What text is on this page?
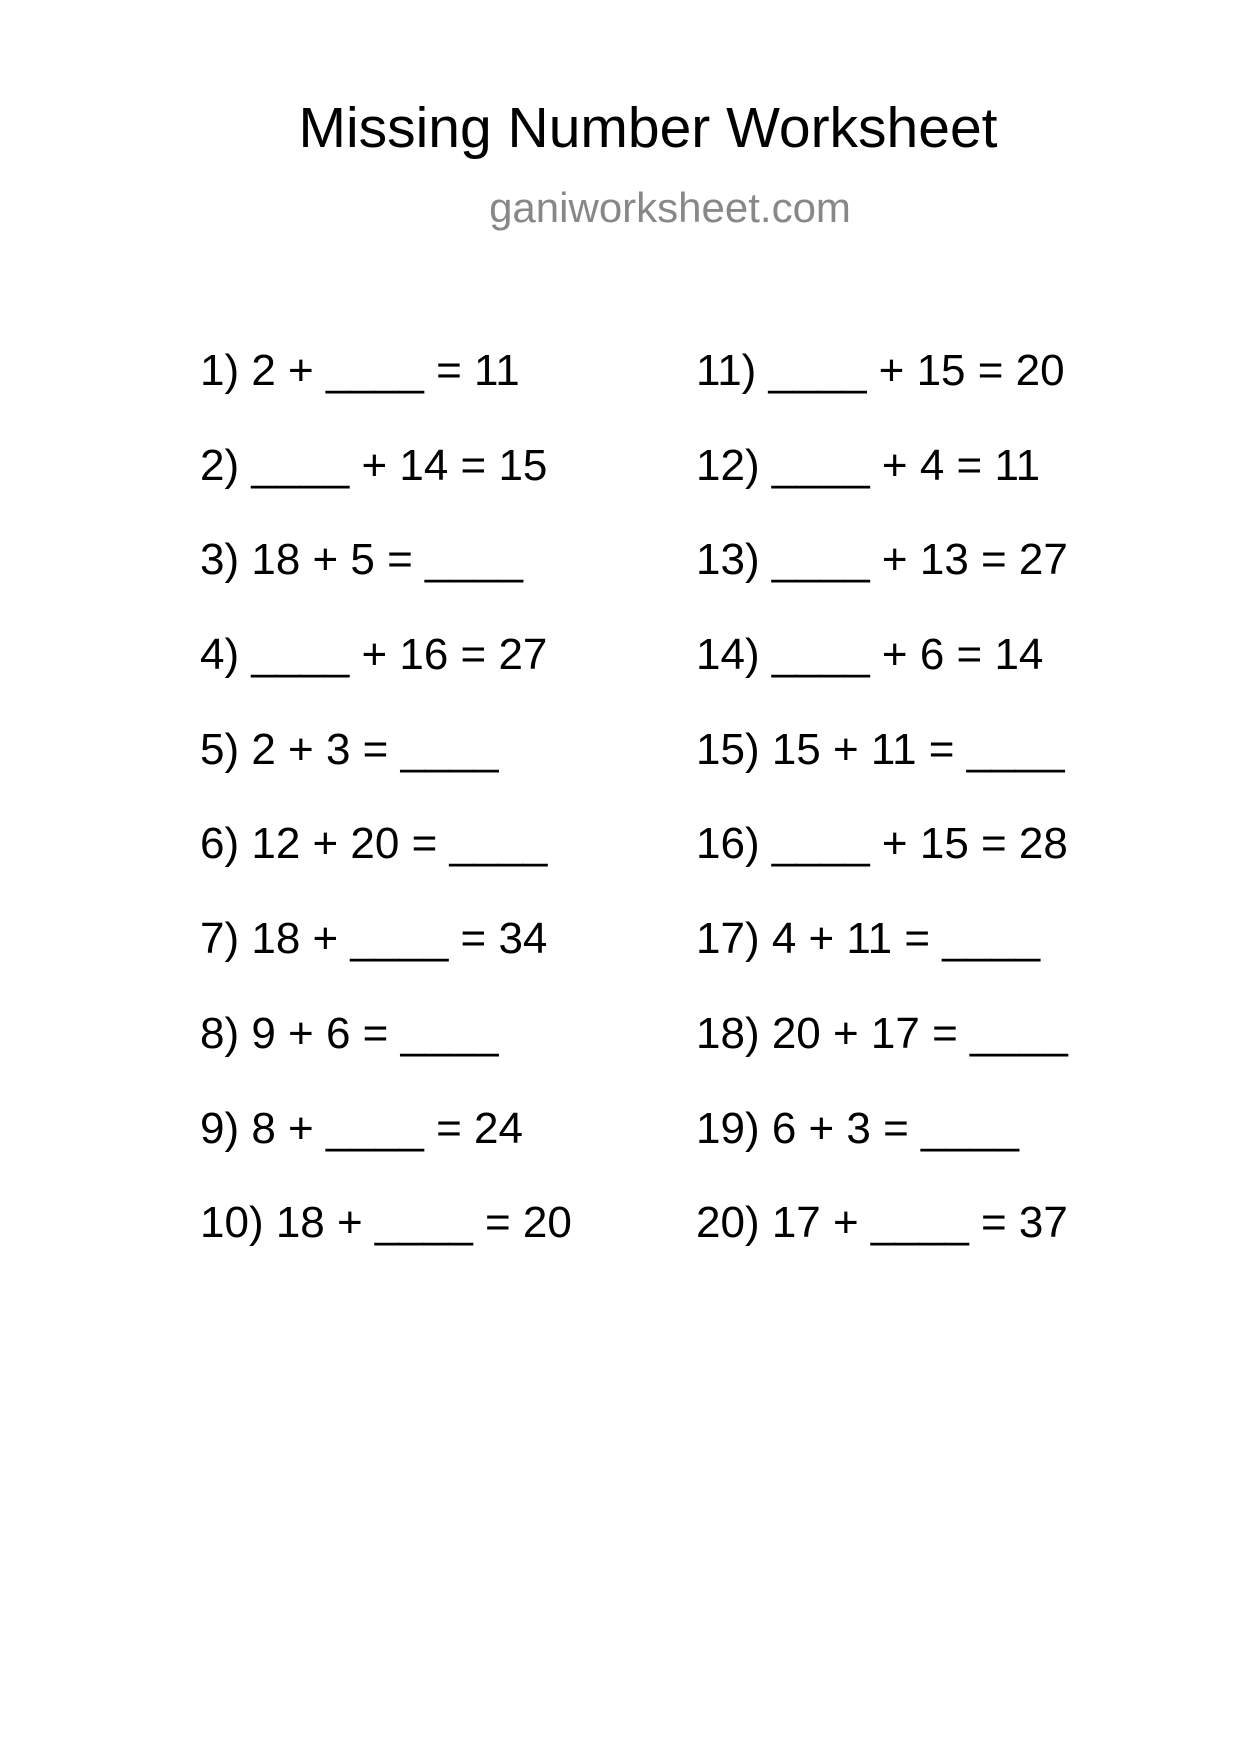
Missing Number Worksheet
ganiworksheet.com
1) 2 + ____ = 11
2) ____ + 14 = 15
3) 18 + 5 = ____
4) ____ + 16 = 27
5) 2 + 3 = ____
6) 12 + 20 = ____
7) 18 + ____ = 34
8) 9 + 6 = ____
9) 8 + ____ = 24
10) 18 + ____ = 20
11) ____ + 15 = 20
12) ____ + 4 = 11
13) ____ + 13 = 27
14) ____ + 6 = 14
15) 15 + 11 = ____
16) ____ + 15 = 28
17) 4 + 11 = ____
18) 20 + 17 = ____
19) 6 + 3 = ____
20) 17 + ____ = 37
